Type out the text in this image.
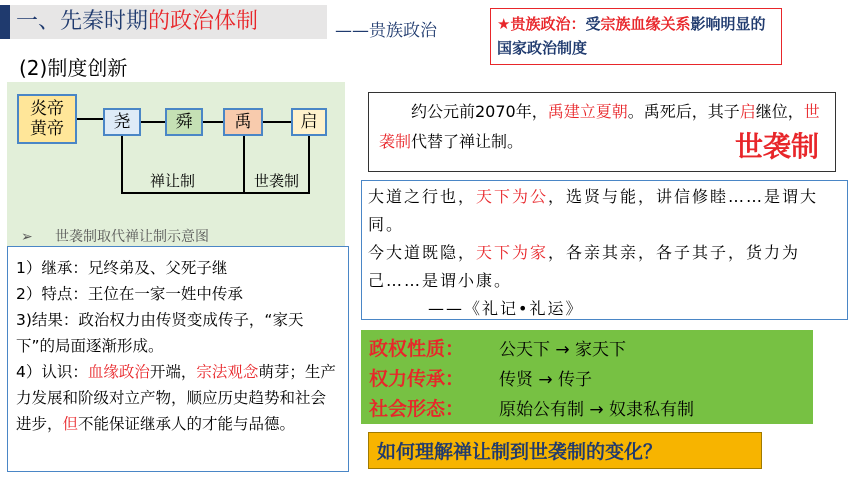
一、先秦时期的政治体制	——贵族政治	★贵族政治：受宗族血缘关系影响明显的国家政治制度
(2)制度创新
炎帝
黄帝	尧	舜	禹	启
禅让制	世袭制
➢ 世袭制取代禅让制示意图
约公元前2070年，禹建立夏朝。禹死后，其子启继位，世袭制代替了禅让制。	世袭制
大道之行也，天下为公，选贤与能，讲信修睦……是谓大同。
今大道既隐，天下为家，各亲其亲，各子其子，货力为己……是谓小康。
——《礼记•礼运》
1）继承：兄终弟及、父死子继
2）特点：王位在一家一姓中传承
3)结果：政治权力由传贤变成传子，“家天下”的局面逐渐形成。
4）认识：血缘政治开端，宗法观念萌芽；生产力发展和阶级对立产物，顺应历史趋势和社会进步，但不能保证继承人的才能与品德。
政权性质：	公天下 → 家天下
权力传承：	传贤 → 传子
社会形态：	原始公有制 → 奴隶私有制
如何理解禅让制到世袭制的变化？
